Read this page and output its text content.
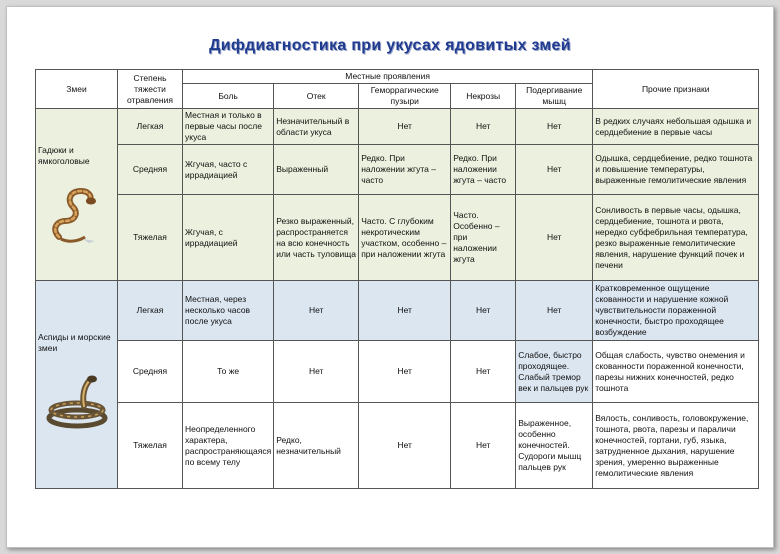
Дифдиагностика при укусах ядовитых змей
Змеи	Степень тяжести отравления	Местные проявления					Прочие признаки
		Боль	Отек	Геморрагические пузыри	Некрозы	Подергивание мышц	

Гадюки и ямкоголовые	Легкая	Местная и только в первые часы после укуса	Незначительный в области укуса	Нет	Нет	Нет	В редких случаях небольшая одышка и сердцебиение в первые часы
	Средняя	Жгучая, часто с иррадиацией	Выраженный	Редко. При наложении жгута – часто	Редко. При наложении жгута – часто	Нет	Одышка, сердцебиение, редко тошнота и повышение температуры, выраженные гемолитические явления
	Тяжелая	Жгучая, с иррадиацией	Резко выраженный, распространяется на всю конечность или часть туловища	Часто. С глубоким некротическим участком, особенно – при наложении жгута	Часто. Особенно – при наложении жгута	Нет	Сонливость в первые часы, одышка, сердцебиение, тошнота и рвота, нередко субфебрильная температура, резко выраженные гемолитические явления, нарушение функций почек и печени

Аспиды и морские змеи	Легкая	Местная, через несколько часов после укуса	Нет	Нет	Нет	Нет	Кратковременное ощущение скованности и нарушение кожной чувствительности пораженной конечности, быстро проходящее возбуждение
	Средняя	То же	Нет	Нет	Нет	Слабое, быстро проходящее. Слабый тремор век и пальцев рук	Общая слабость, чувство онемения и скованности пораженной конечности, парезы нижних конечностей, редко тошнота
	Тяжелая	Неопределенного характера, распространяющаяся по всему телу	Редко, незначительный	Нет	Нет	Выраженное, особенно конечностей. Судороги мышц пальцев рук	Вялость, сонливость, головокружение, тошнота, рвота, парезы и параличи конечностей, гортани, губ, языка, затрудненное дыхания, нарушение зрения, умеренно выраженные гемолитические явления
